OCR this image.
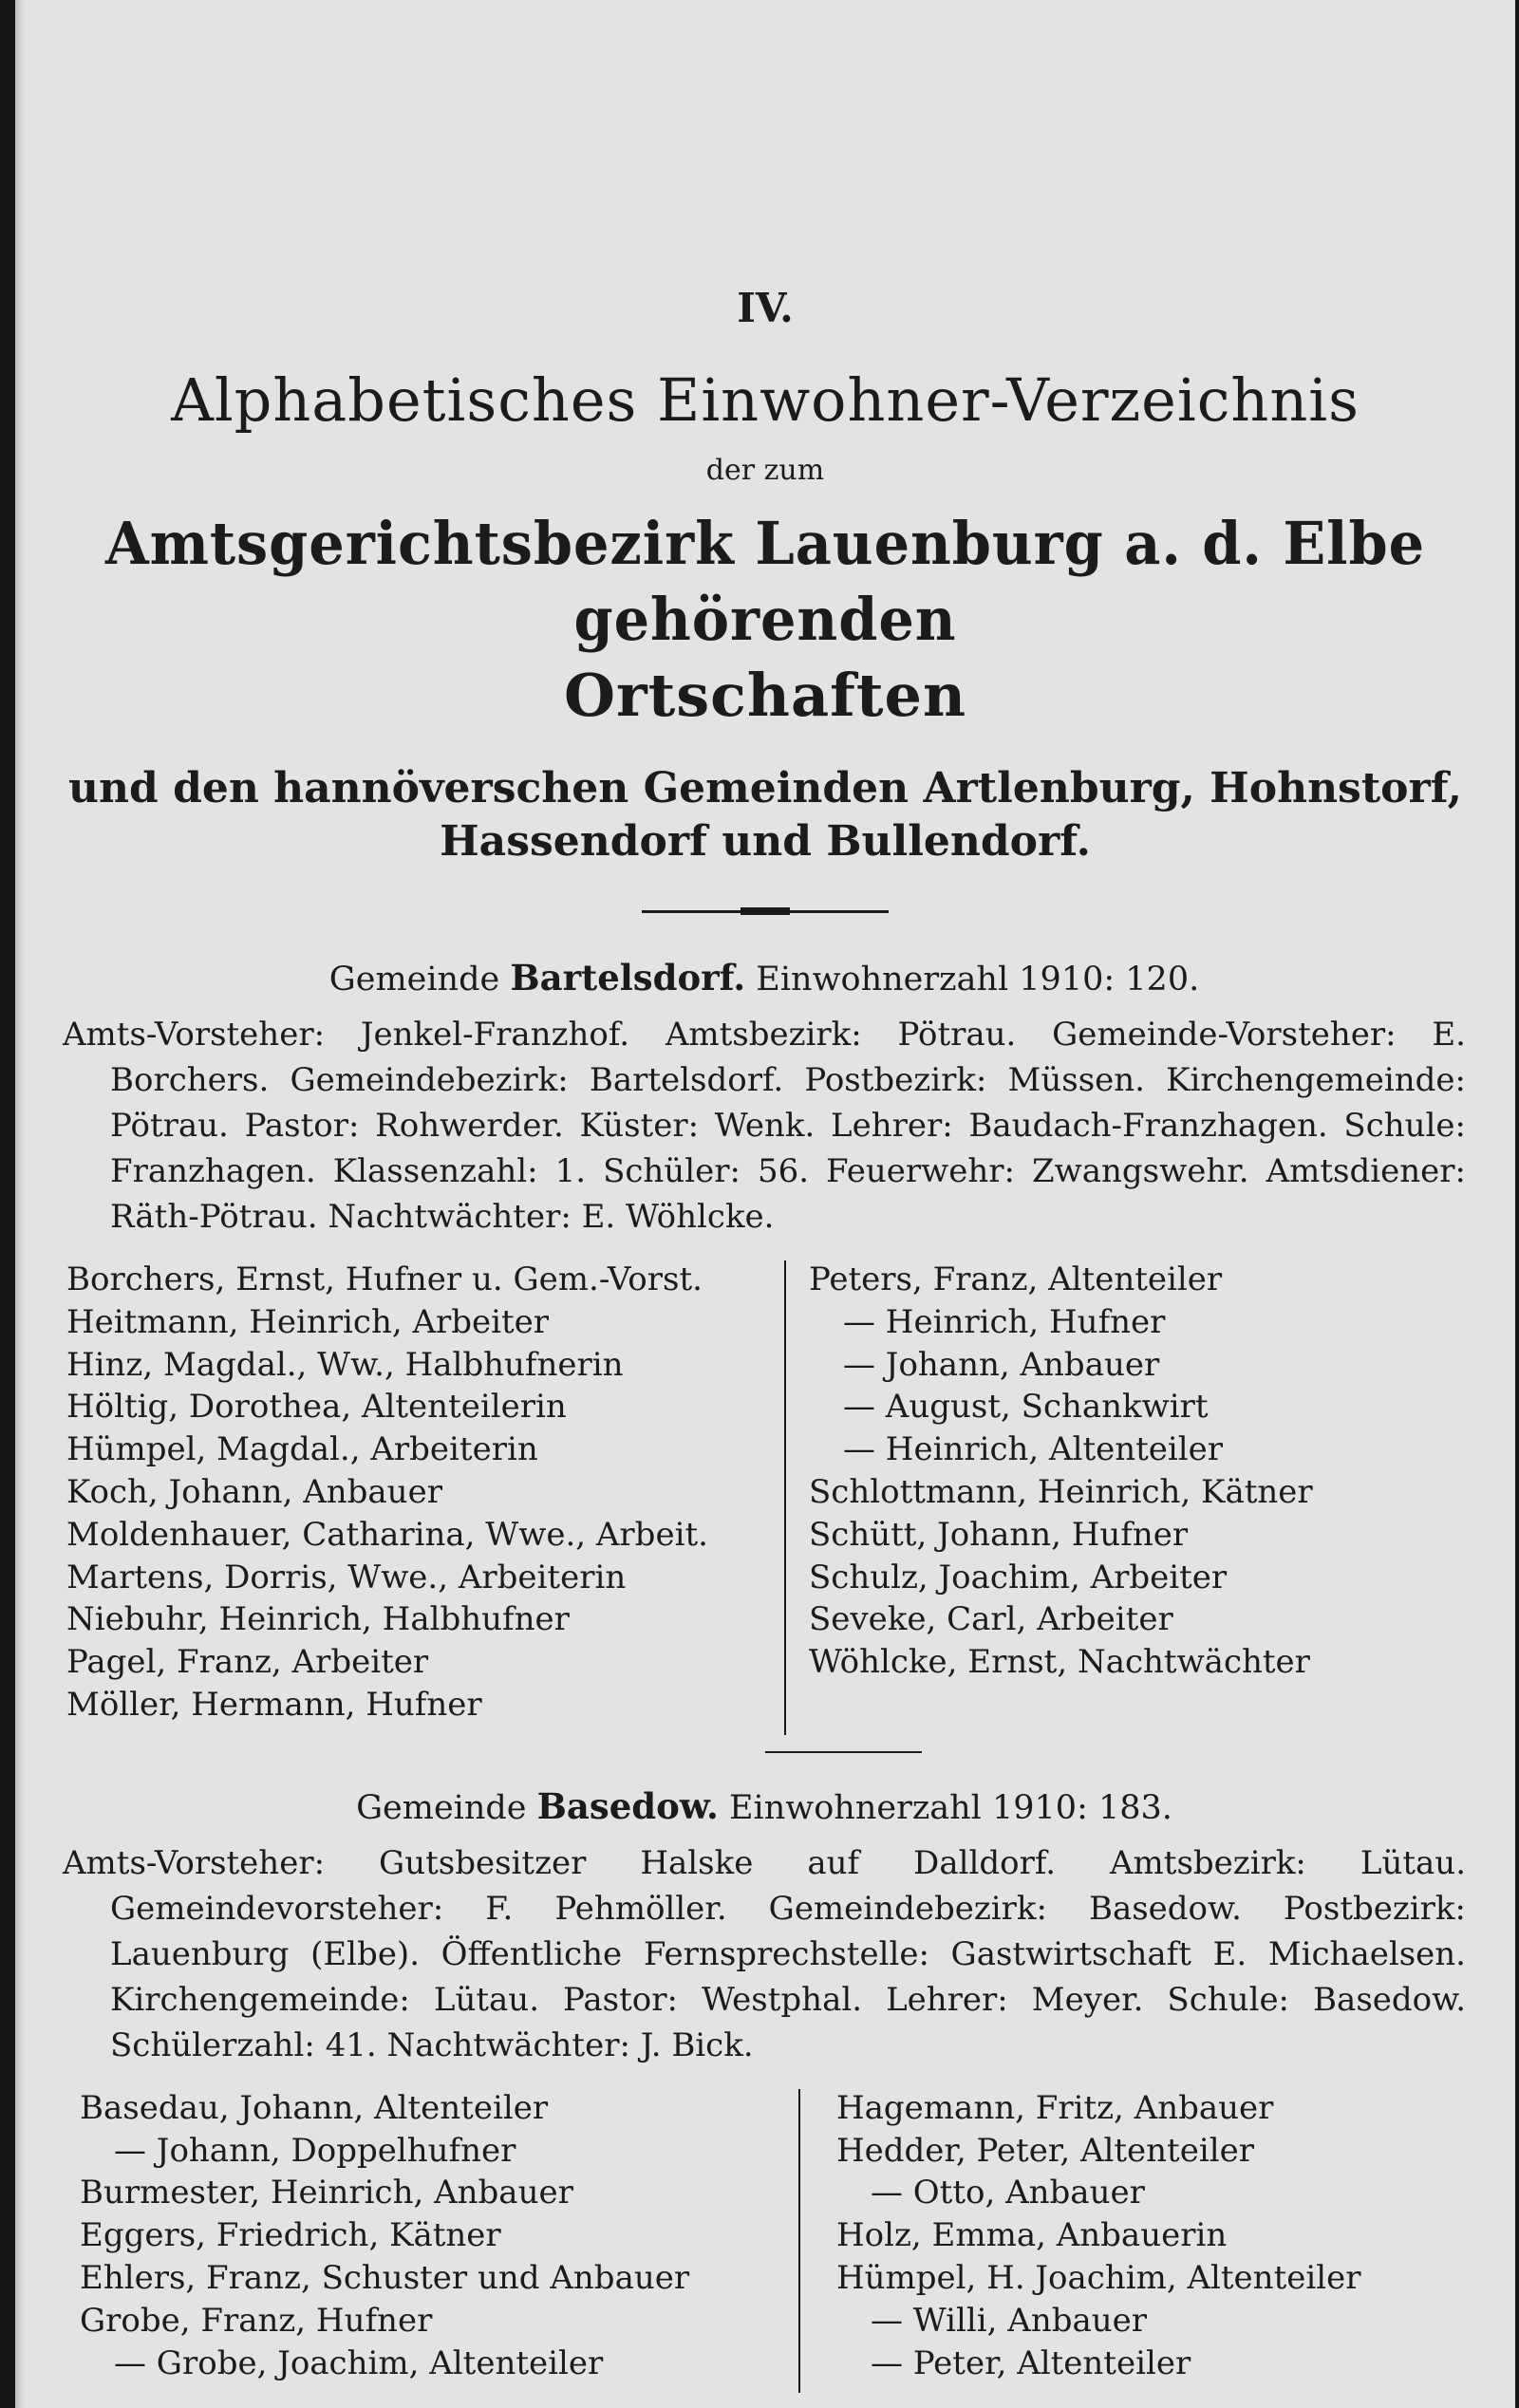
IV.
Alphabetisches Einwohner-Verzeichnis
der zum
Amtsgerichtsbezirk Lauenburg a. d. Elbe gehörenden
Ortschaften
und den hannöverschen Gemeinden Artlenburg, Hohnstorf,
Hassendorf und Bullendorf.
Gemeinde Bartelsdorf. Einwohnerzahl 1910: 120.

Amts-Vorsteher: Jenkel-Franzhof. Amtsbezirk: Pötrau. Gemeinde-Vorsteher: E. Borchers. Gemeindebezirk: Bartelsdorf. Postbezirk: Müssen. Kirchengemeinde: Pötrau. Pastor: Rohwerder. Küster: Wenk. Lehrer: Baudach-Franzhagen. Schule: Franzhagen. Klassenzahl: 1. Schüler: 56. Feuerwehr: Zwangswehr. Amtsdiener: Räth-Pötrau. Nachtwächter: E. Wöhlcke.

Borchers, Ernst, Hufner u. Gem.-Vorst.
Heitmann, Heinrich, Arbeiter
Hinz, Magdal., Ww., Halbhufnerin
Höltig, Dorothea, Altenteilerin
Hümpel, Magdal., Arbeiterin
Koch, Johann, Anbauer
Moldenhauer, Catharina, Wwe., Arbeit.
Martens, Dorris, Wwe., Arbeiterin
Niebuhr, Heinrich, Halbhufner
Pagel, Franz, Arbeiter
Möller, Hermann, Hufner
Peters, Franz, Altenteiler
— Heinrich, Hufner
— Johann, Anbauer
— August, Schankwirt
— Heinrich, Altenteiler
Schlottmann, Heinrich, Kätner
Schütt, Johann, Hufner
Schulz, Joachim, Arbeiter
Seveke, Carl, Arbeiter
Wöhlcke, Ernst, Nachtwächter
Gemeinde Basedow. Einwohnerzahl 1910: 183.

Amts-Vorsteher: Gutsbesitzer Halske auf Dalldorf. Amtsbezirk: Lütau. Gemeindevorsteher: F. Pehmöller. Gemeindebezirk: Basedow. Postbezirk: Lauenburg (Elbe). Öffentliche Fernsprechstelle: Gastwirtschaft E. Michaelsen. Kirchengemeinde: Lütau. Pastor: Westphal. Lehrer: Meyer. Schule: Basedow. Schülerzahl: 41. Nachtwächter: J. Bick.

Basedau, Johann, Altenteiler
— Johann, Doppelhufner
Burmester, Heinrich, Anbauer
Eggers, Friedrich, Kätner
Ehlers, Franz, Schuster und Anbauer
Grobe, Franz, Hufner
— Grobe, Joachim, Altenteiler
Hagemann, Fritz, Anbauer
Hedder, Peter, Altenteiler
— Otto, Anbauer
Holz, Emma, Anbauerin
Hümpel, H. Joachim, Altenteiler
— Willi, Anbauer
— Peter, Altenteiler
